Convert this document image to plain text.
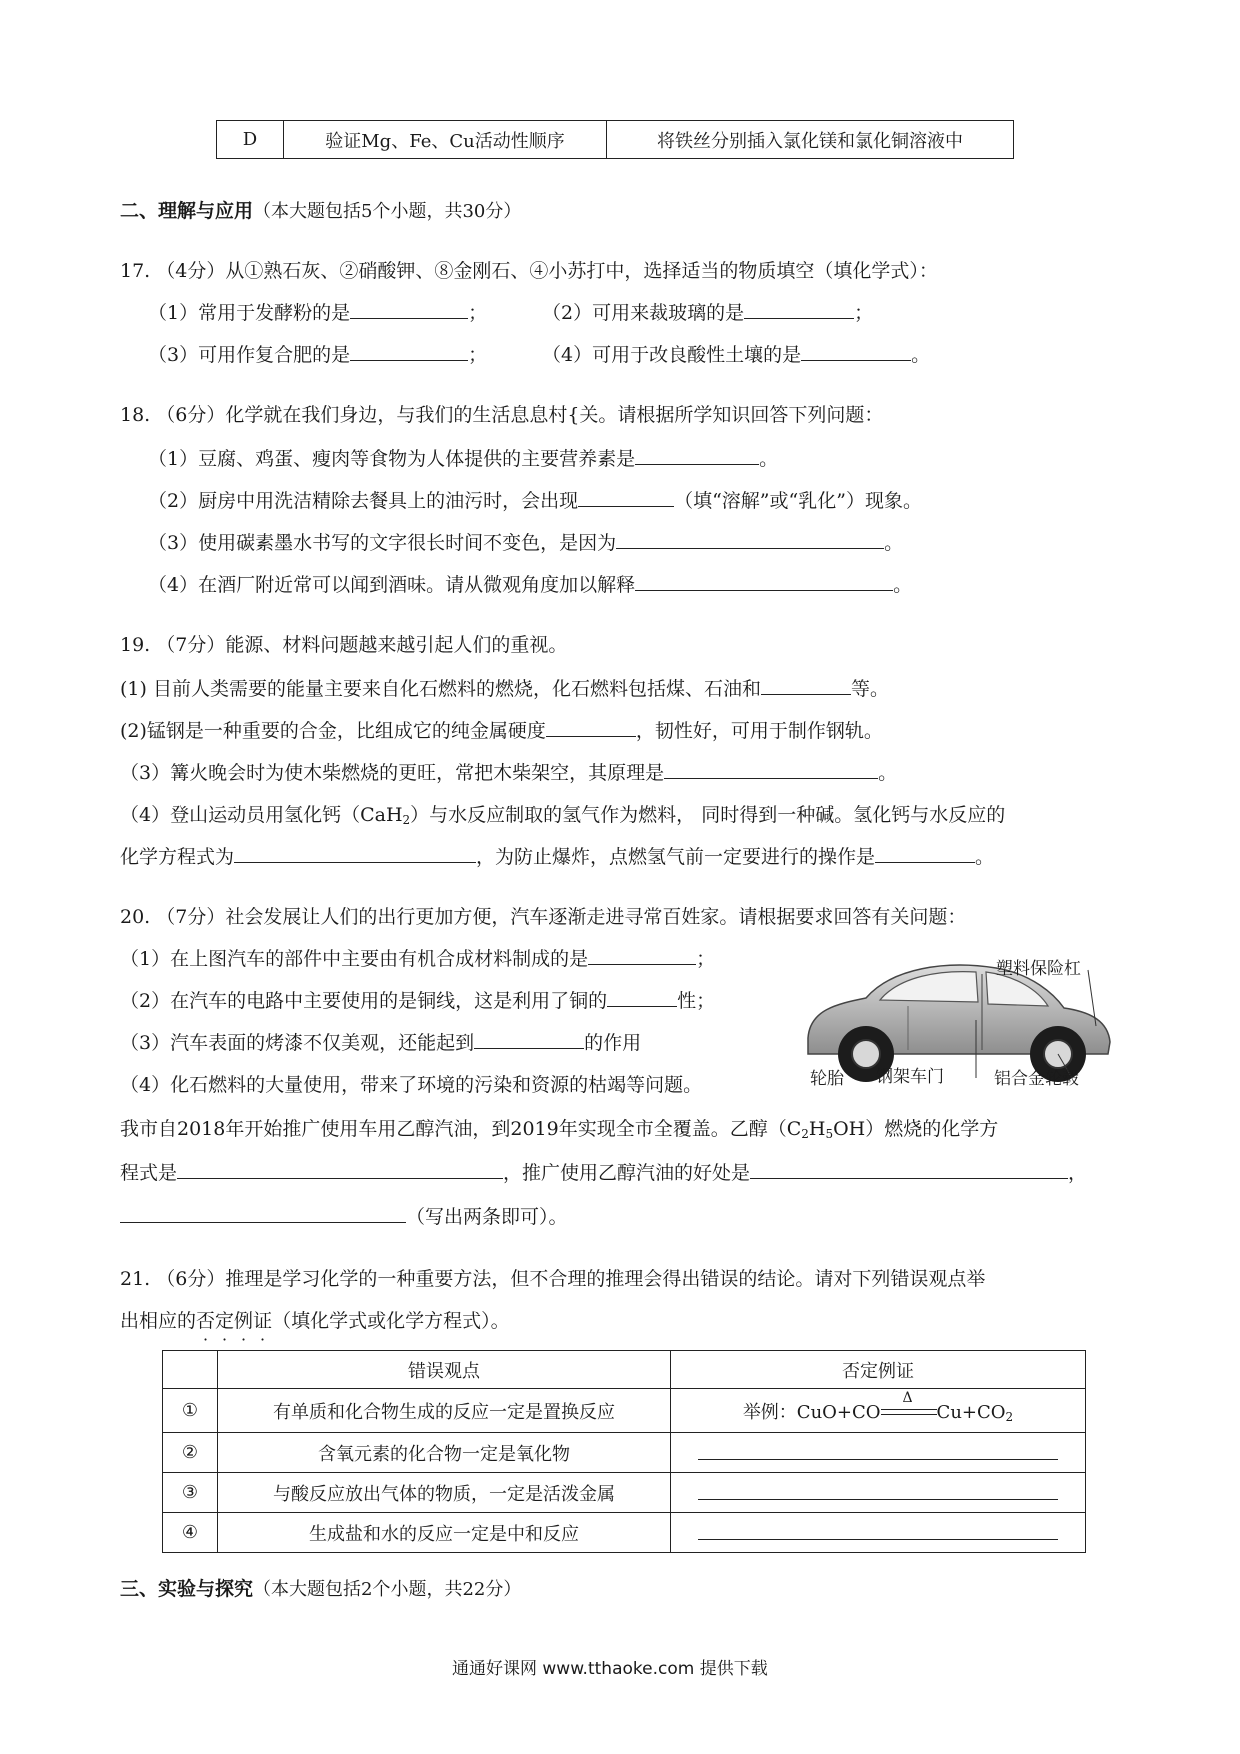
D	验证Mg、Fe、Cu活动性顺序	将铁丝分别插入氯化镁和氯化铜溶液中
二、理解与应用（本大题包括5个小题，共30分）
17. （4分）从①熟石灰、②硝酸钾、⑧金刚石、④小苏打中，选择适当的物质填空（填化学式）：
（1）常用于发酵粉的是	；	（2）可用来裁玻璃的是	；
（3）可用作复合肥的是	；	（4）可用于改良酸性土壤的是	。
18. （6分）化学就在我们身边，与我们的生活息息村{关。请根据所学知识回答下列问题：
（1）豆腐、鸡蛋、瘦肉等食物为人体提供的主要营养素是	。
（2）厨房中用洗洁精除去餐具上的油污时，会出现	（填“溶解”或“乳化”）现象。
（3）使用碳素墨水书写的文字很长时间不变色，是因为	。
（4）在酒厂附近常可以闻到酒味。请从微观角度加以解释	。
19. （7分）能源、材料问题越来越引起人们的重视。
(1) 目前人类需要的能量主要来自化石燃料的燃烧，化石燃料包括煤、石油和	等。
(2)锰钢是一种重要的合金，比组成它的纯金属硬度	，韧性好，可用于制作钢轨。
（3）篝火晚会时为使木柴燃烧的更旺，常把木柴架空，其原理是	。
（4）登山运动员用氢化钙（CaH$_2$）与水反应制取的氢气作为燃料， 同时得到一种碱。氢化钙与水反应的
化学方程式为	，为防止爆炸，点燃氢气前一定要进行的操作是	。
20. （7分）社会发展让人们的出行更加方便，汽车逐渐走进寻常百姓家。请根据要求回答有关问题：
（1）在上图汽车的部件中主要由有机合成材料制成的是	；
（2）在汽车的电路中主要使用的是铜线，这是利用了铜的	性；
（3）汽车表面的烤漆不仅美观，还能起到	的作用
（4）化石燃料的大量使用，带来了环境的污染和资源的枯竭等问题。
塑料保险杠
轮胎 钢架车门	铝合金轮毂
我市自2018年开始推广使用车用乙醇汽油，到2019年实现全市全覆盖。乙醇$(C_2H_5OH)$燃烧的化学方
程式是	，推广使用乙醇汽油的好处是	，
（写出两条即可）。
21. （6分）推理是学习化学的一种重要方法，但不合理的推理会得出错误的结论。请对下列错误观点举
出相应的否定例证（填化学式或化学方程式）。
	错误观点	否定例证
①	有单质和化合物生成的反应一定是置换反应	举例：CuO+CO
Δ
$Cu+CO_2$
②	含氧元素的化合物一定是氧化物	
③	与酸反应放出气体的物质，一定是活泼金属	
④	生成盐和水的反应一定是中和反应	
三、实验与探究（本大题包括2个小题，共22分）
通通好课网 www.tthaoke.com 提供下载
